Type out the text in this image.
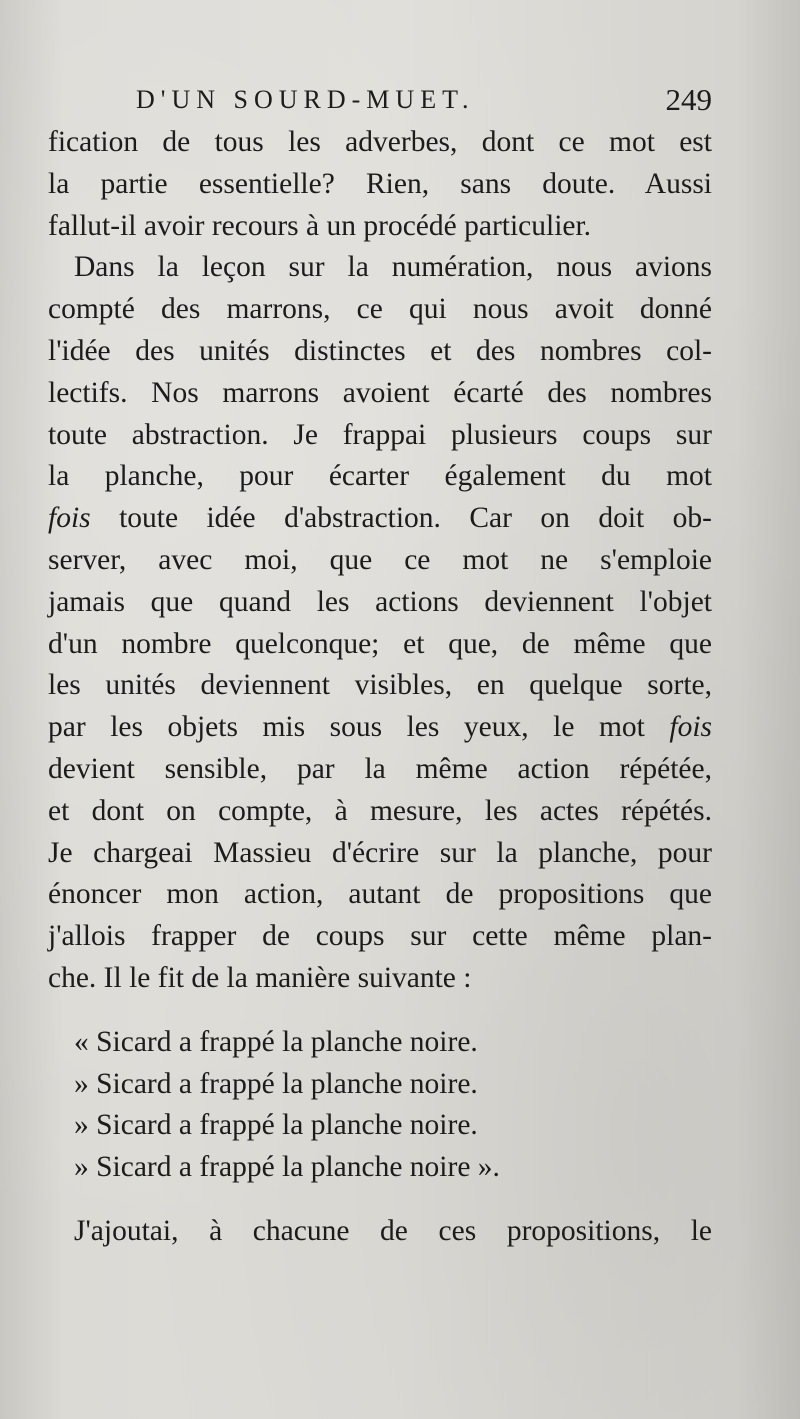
D'UN SOURD-MUET.	249
fication de tous les adverbes, dont ce mot est
la partie essentielle? Rien, sans doute. Aussi
fallut-il avoir recours à un procédé particulier.
Dans la leçon sur la numération, nous avions
compté des marrons, ce qui nous avoit donné
l'idée des unités distinctes et des nombres col-
lectifs. Nos marrons avoient écarté des nombres
toute abstraction. Je frappai plusieurs coups sur
la planche, pour écarter également du mot
fois toute idée d'abstraction. Car on doit ob-
server, avec moi, que ce mot ne s'emploie
jamais que quand les actions deviennent l'objet
d'un nombre quelconque; et que, de même que
les unités deviennent visibles, en quelque sorte,
par les objets mis sous les yeux, le mot fois
devient sensible, par la même action répétée,
et dont on compte, à mesure, les actes répétés.
Je chargeai Massieu d'écrire sur la planche, pour
énoncer mon action, autant de propositions que
j'allois frapper de coups sur cette même plan-
che. Il le fit de la manière suivante :
« Sicard a frappé la planche noire.
» Sicard a frappé la planche noire.
» Sicard a frappé la planche noire.
» Sicard a frappé la planche noire ».
J'ajoutai, à chacune de ces propositions, le
